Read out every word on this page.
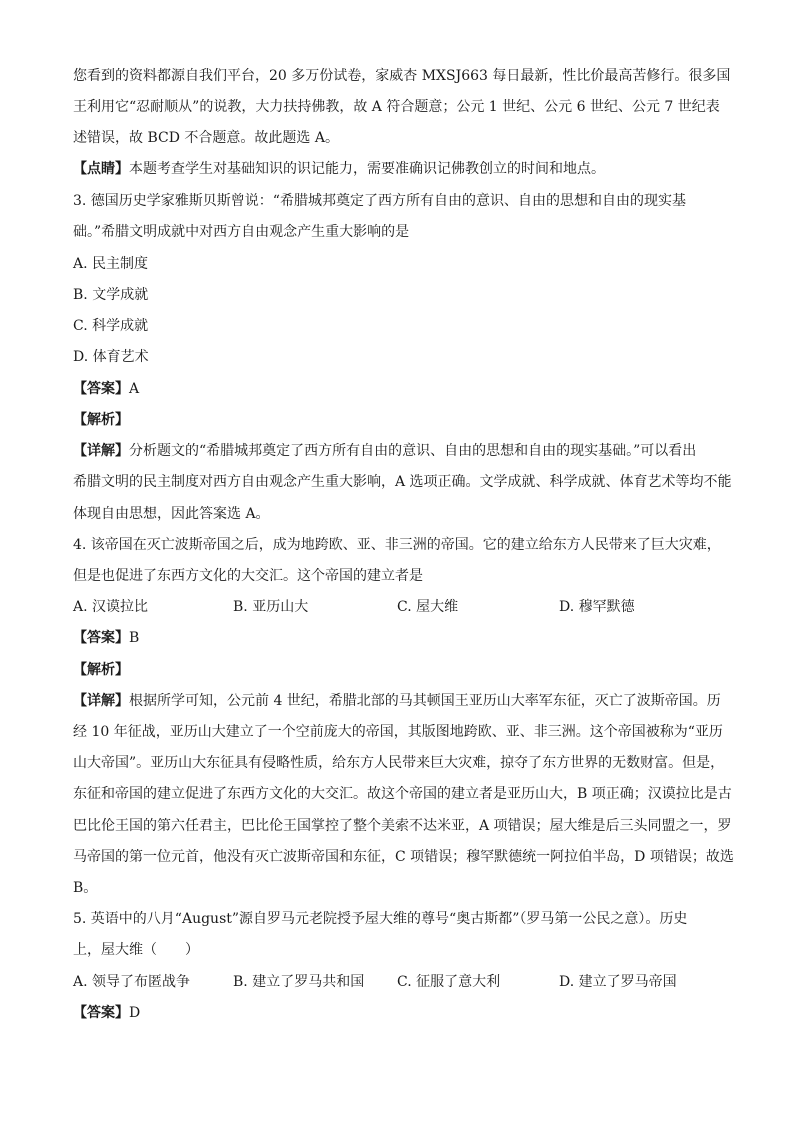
您看到的资料都源自我们平台，20 多万份试卷，家威杏 MXSJ663 每日最新，性比价最高苦修行。很多国
王利用它“忍耐顺从”的说教，大力扶持佛教，故 A 符合题意；公元 1 世纪、公元 6 世纪、公元 7 世纪表
述错误，故 BCD 不合题意。故此题选 A。
【点睛】本题考查学生对基础知识的识记能力，需要准确识记佛教创立的时间和地点。
3. 德国历史学家雅斯贝斯曾说：“希腊城邦奠定了西方所有自由的意识、自由的思想和自由的现实基
础。”希腊文明成就中对西方自由观念产生重大影响的是
A. 民主制度
B. 文学成就
C. 科学成就
D. 体育艺术
【答案】A
【解析】
【详解】分析题文的“希腊城邦奠定了西方所有自由的意识、自由的思想和自由的现实基础。”可以看出
希腊文明的民主制度对西方自由观念产生重大影响，A 选项正确。文学成就、科学成就、体育艺术等均不能
体现自由思想，因此答案选 A。
4. 该帝国在灭亡波斯帝国之后，成为地跨欧、亚、非三洲的帝国。它的建立给东方人民带来了巨大灾难，
但是也促进了东西方文化的大交汇。这个帝国的建立者是
A. 汉谟拉比	B. 亚历山大	C. 屋大维	D. 穆罕默德
【答案】B
【解析】
【详解】根据所学可知，公元前 4 世纪，希腊北部的马其顿国王亚历山大率军东征，灭亡了波斯帝国。历
经 10 年征战，亚历山大建立了一个空前庞大的帝国，其版图地跨欧、亚、非三洲。这个帝国被称为“亚历
山大帝国”。亚历山大东征具有侵略性质，给东方人民带来巨大灾难，掠夺了东方世界的无数财富。但是，
东征和帝国的建立促进了东西方文化的大交汇。故这个帝国的建立者是亚历山大，B 项正确；汉谟拉比是古
巴比伦王国的第六任君主，巴比伦王国掌控了整个美索不达米亚，A 项错误；屋大维是后三头同盟之一，罗
马帝国的第一位元首，他没有灭亡波斯帝国和东征，C 项错误；穆罕默德统一阿拉伯半岛，D 项错误；故选
B。
5. 英语中的八月“August”源自罗马元老院授予屋大维的尊号“奥古斯都”（罗马第一公民之意）。历史
上，屋大维（　　）
A. 领导了布匿战争	B. 建立了罗马共和国 C. 征服了意大利	D. 建立了罗马帝国
【答案】D
